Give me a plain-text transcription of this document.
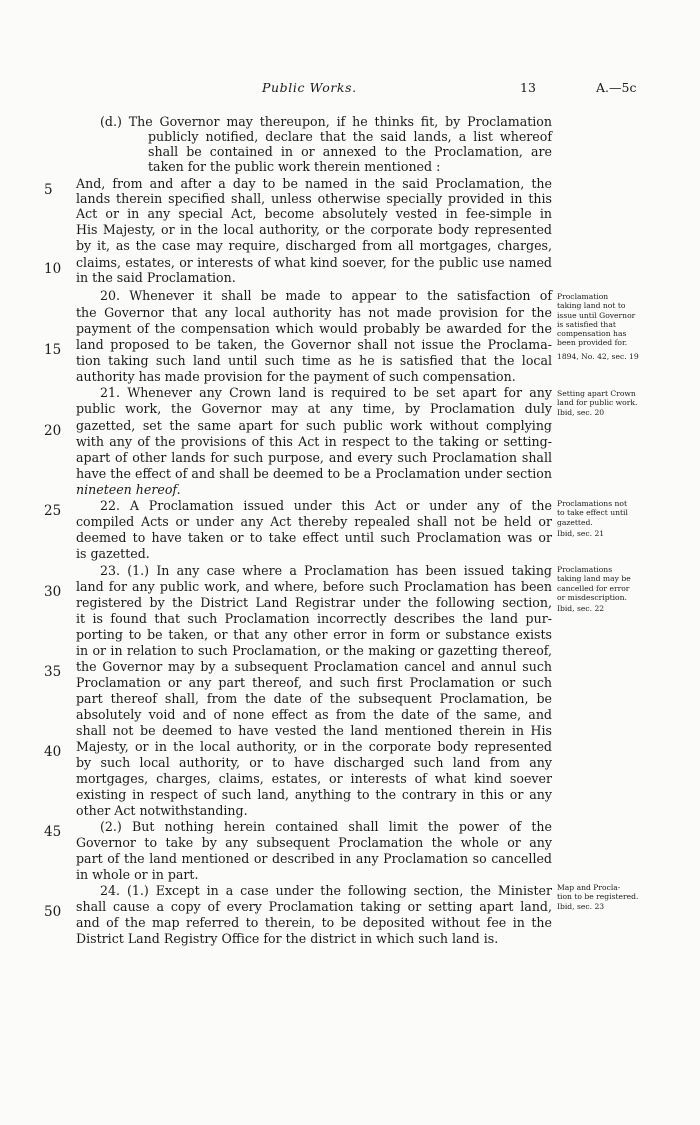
Public Works.	13	A.—5c
(d.) The Governor may thereupon, if he thinks fit, by Proclamation
publicly notified, declare that the said lands, a list whereof
shall be contained in or annexed to the Proclamation, are
taken for the public work therein mentioned :
And, from and after a day to be named in the said Proclamation, the
lands therein specified shall, unless otherwise specially provided in this
Act or in any special Act, become absolutely vested in fee-simple in
His Majesty, or in the local authority, or the corporate body represented
by it, as the case may require, discharged from all mortgages, charges,
claims, estates, or interests of what kind soever, for the public use named
in the said Proclamation.
20. Whenever it shall be made to appear to the satisfaction of
the Governor that any local authority has not made provision for the
payment of the compensation which would probably be awarded for the
land proposed to be taken, the Governor shall not issue the Proclama-
tion taking such land until such time as he is satisfied that the local
authority has made provision for the payment of such compensation.
21. Whenever any Crown land is required to be set apart for any
public work, the Governor may at any time, by Proclamation duly
gazetted, set the same apart for such public work without complying
with any of the provisions of this Act in respect to the taking or setting-
apart of other lands for such purpose, and every such Proclamation shall
have the effect of and shall be deemed to be a Proclamation under section
nineteen hereof.
22. A Proclamation issued under this Act or under any of the
compiled Acts or under any Act thereby repealed shall not be held or
deemed to have taken or to take effect until such Proclamation was or
is gazetted.
23. (1.) In any case where a Proclamation has been issued taking
land for any public work, and where, before such Proclamation has been
registered by the District Land Registrar under the following section,
it is found that such Proclamation incorrectly describes the land pur-
porting to be taken, or that any other error in form or substance exists
in or in relation to such Proclamation, or the making or gazetting thereof,
the Governor may by a subsequent Proclamation cancel and annul such
Proclamation or any part thereof, and such first Proclamation or such
part thereof shall, from the date of the subsequent Proclamation, be
absolutely void and of none effect as from the date of the same, and
shall not be deemed to have vested the land mentioned therein in His
Majesty, or in the local authority, or in the corporate body represented
by such local authority, or to have discharged such land from any
mortgages, charges, claims, estates, or interests of what kind soever
existing in respect of such land, anything to the contrary in this or any
other Act notwithstanding.
(2.) But nothing herein contained shall limit the power of the
Governor to take by any subsequent Proclamation the whole or any
part of the land mentioned or described in any Proclamation so cancelled
in whole or in part.
24. (1.) Except in a case under the following section, the Minister
shall cause a copy of every Proclamation taking or setting apart land,
and of the map referred to therein, to be deposited without fee in the
District Land Registry Office for the district in which such land is.
5
10
15
20
25
30
35
40
45
50
Proclamation
taking land not to
issue until Governor
is satisfied that
compensation has
been provided for.
1894, No. 42, sec. 19
Setting apart Crown
land for public work.
Ibid, sec. 20
Proclamations not
to take effect until
gazetted.
Ibid, sec. 21
Proclamations
taking land may be
cancelled for error
or misdescription.
Ibid, sec. 22
Map and Procla-
tion to be registered.
Ibid, sec. 23
